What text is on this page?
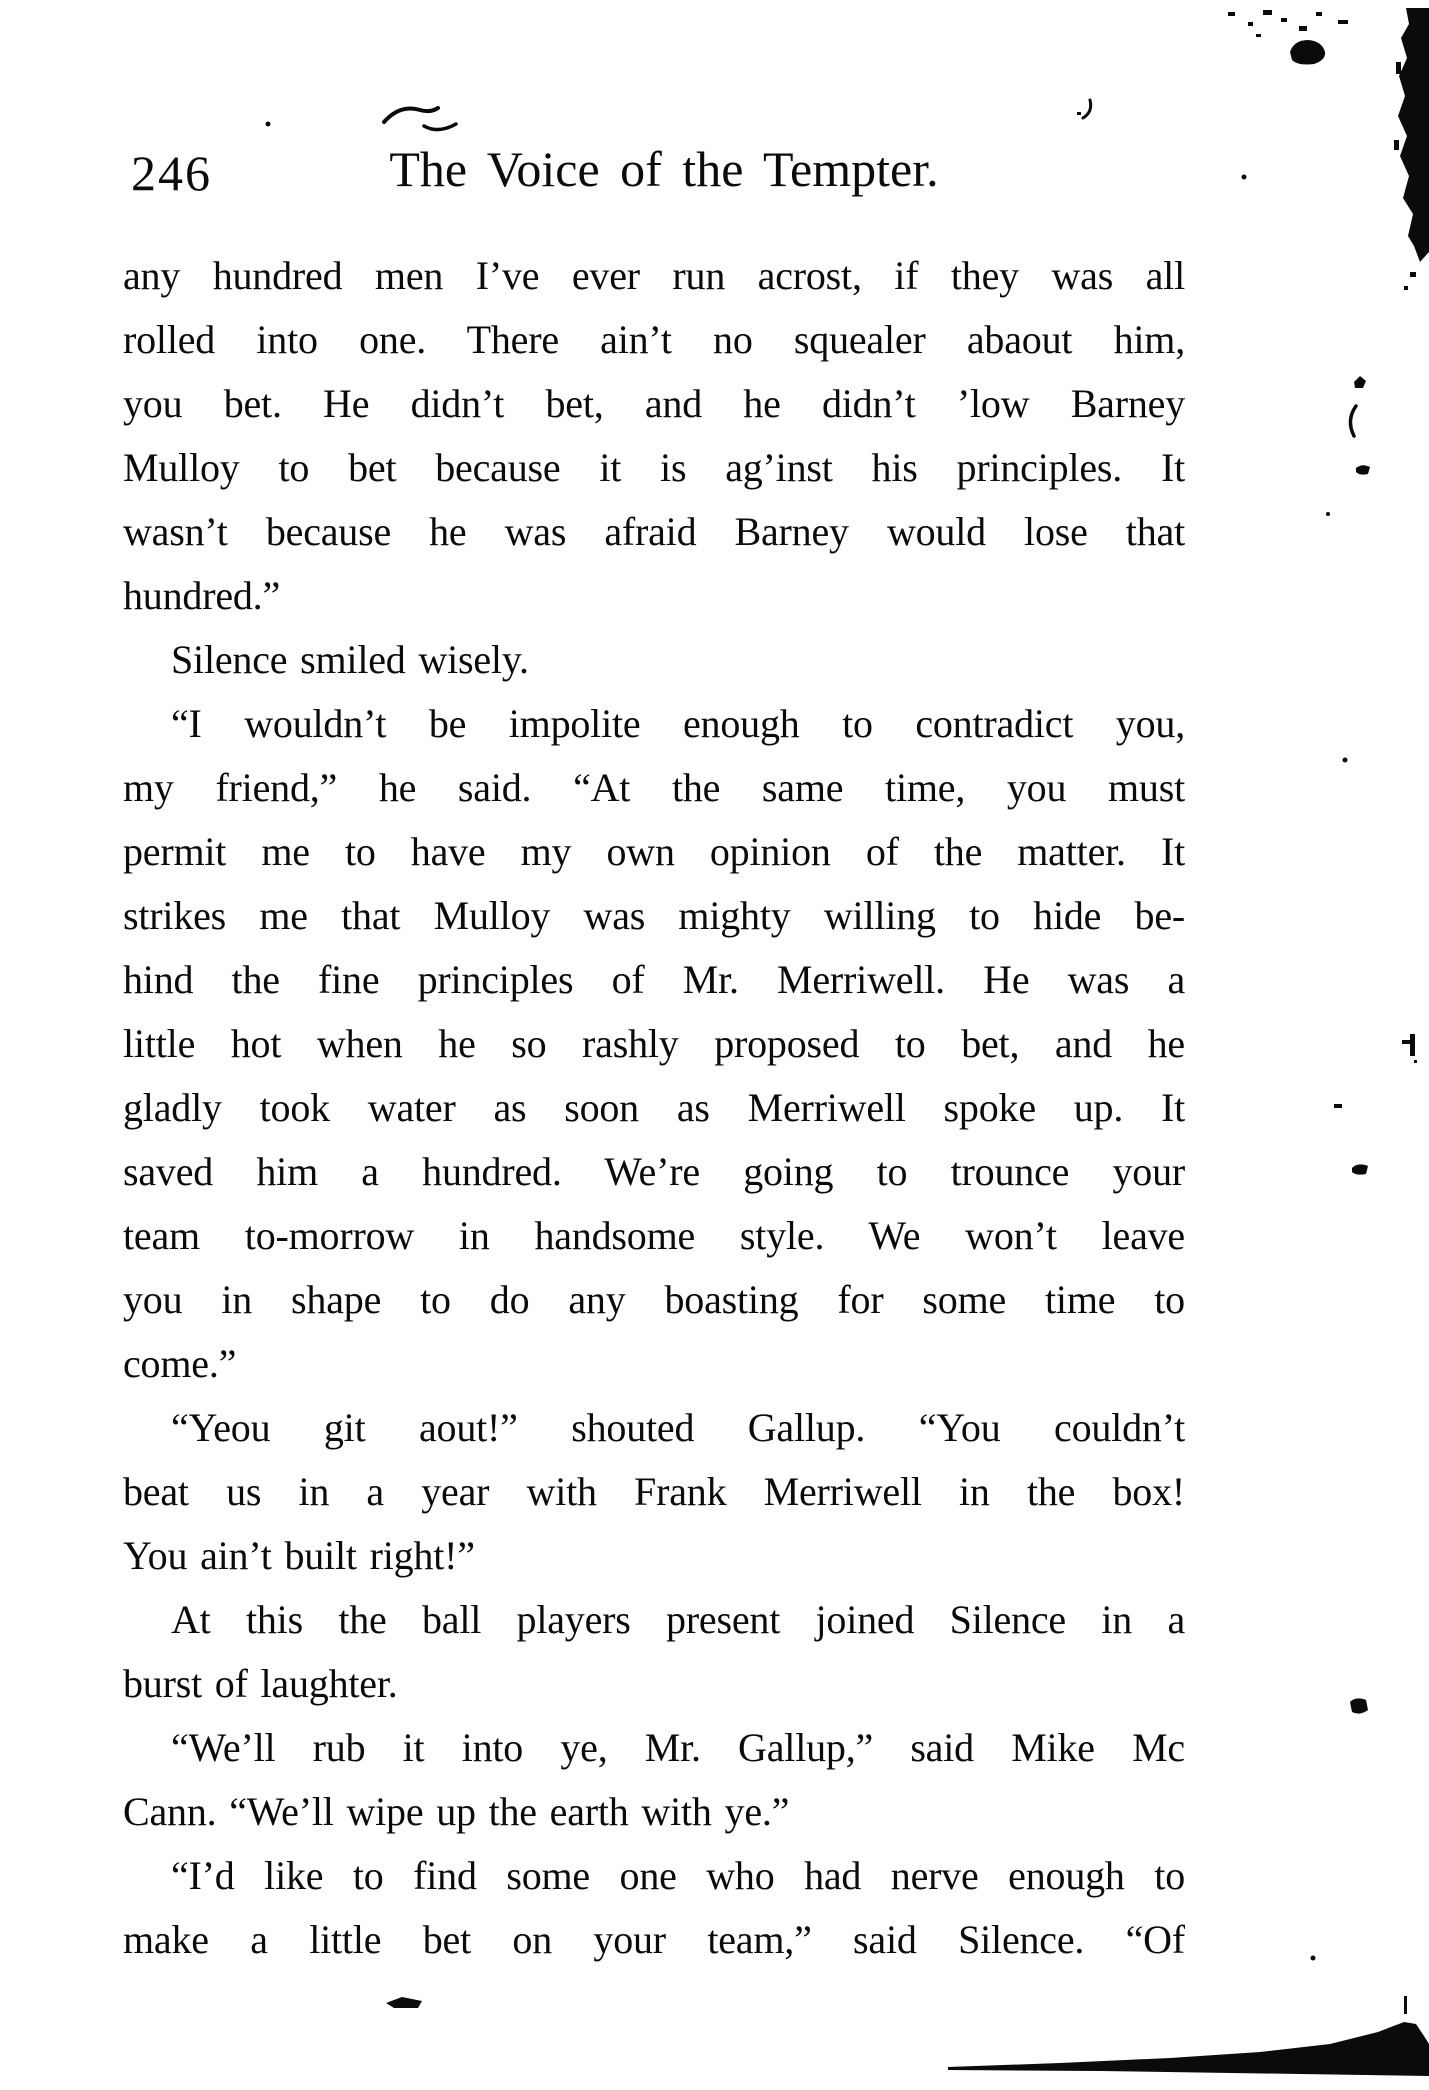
246	The Voice of the Tempter.
any hundred men I’ve ever run acrost, if they was all
rolled into one. There ain’t no squealer abaout him,
you bet. He didn’t bet, and he didn’t ’low Barney
Mulloy to bet because it is ag’inst his principles. It
wasn’t because he was afraid Barney would lose that
hundred.”
Silence smiled wisely.
“I wouldn’t be impolite enough to contradict you,
my friend,” he said. “At the same time, you must
permit me to have my own opinion of the matter. It
strikes me that Mulloy was mighty willing to hide be-
hind the fine principles of Mr. Merriwell. He was a
little hot when he so rashly proposed to bet, and he
gladly took water as soon as Merriwell spoke up. It
saved him a hundred. We’re going to trounce your
team to-morrow in handsome style. We won’t leave
you in shape to do any boasting for some time to
come.”
“Yeou git aout!” shouted Gallup. “You couldn’t
beat us in a year with Frank Merriwell in the box!
You ain’t built right!”
At this the ball players present joined Silence in a
burst of laughter.
“We’ll rub it into ye, Mr. Gallup,” said Mike Mc
Cann. “We’ll wipe up the earth with ye.”
“I’d like to find some one who had nerve enough to
make a little bet on your team,” said Silence. “Of
